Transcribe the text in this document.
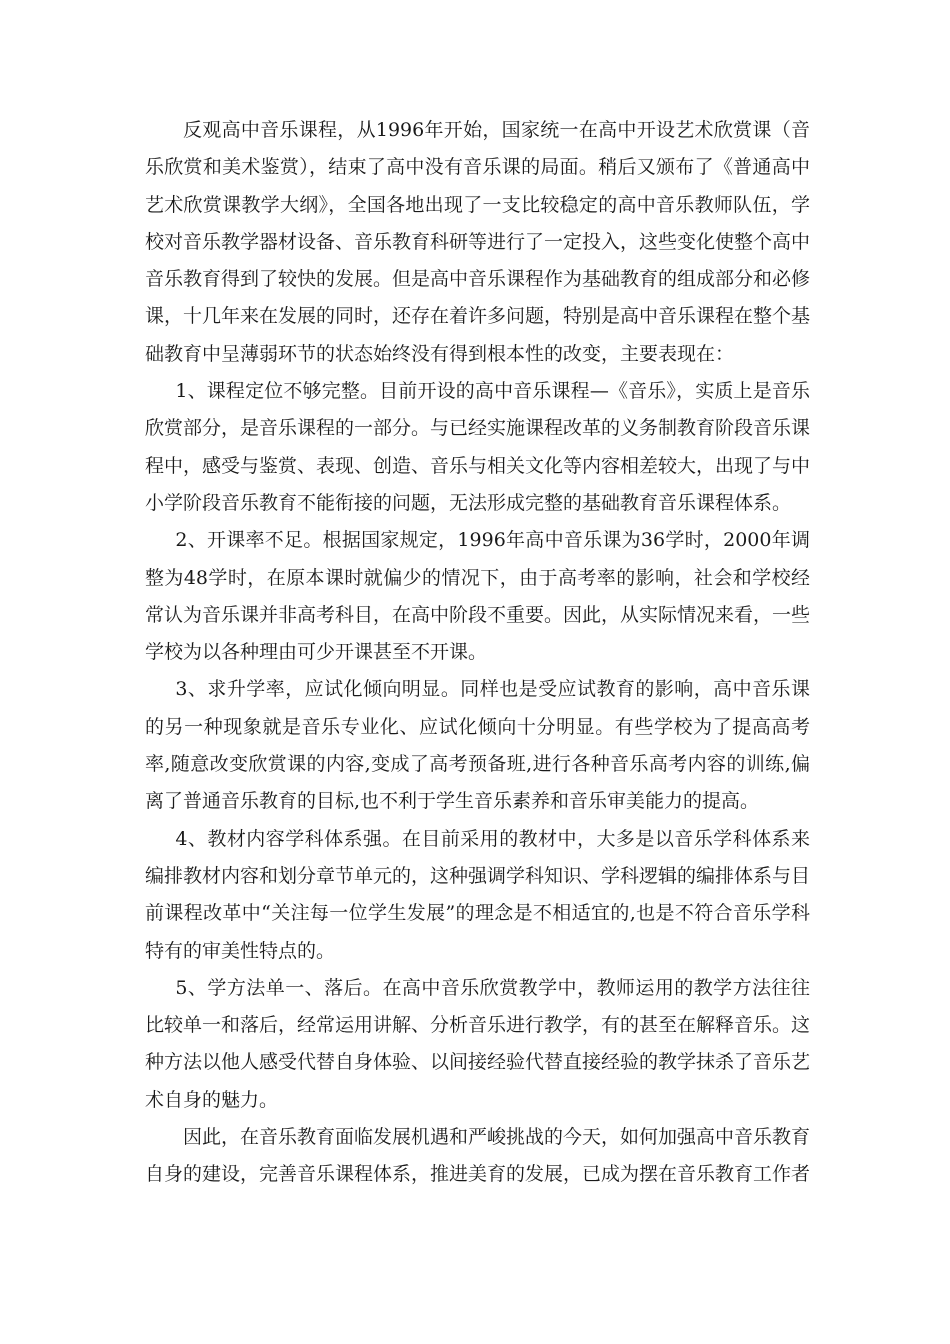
反观高中音乐课程，从1996年开始，国家统一在高中开设艺术欣赏课（音乐欣赏和美术鉴赏），结束了高中没有音乐课的局面。稍后又颁布了《普通高中艺术欣赏课教学大纲》，全国各地出现了一支比较稳定的高中音乐教师队伍，学校对音乐教学器材设备、音乐教育科研等进行了一定投入，这些变化使整个高中音乐教育得到了较快的发展。但是高中音乐课程作为基础教育的组成部分和必修课，十几年来在发展的同时，还存在着许多问题，特别是高中音乐课程在整个基础教育中呈薄弱环节的状态始终没有得到根本性的改变，主要表现在：

1、课程定位不够完整。目前开设的高中音乐课程—《音乐》，实质上是音乐欣赏部分，是音乐课程的一部分。与已经实施课程改革的义务制教育阶段音乐课程中，感受与鉴赏、表现、创造、音乐与相关文化等内容相差较大，出现了与中小学阶段音乐教育不能衔接的问题，无法形成完整的基础教育音乐课程体系。

2、开课率不足。根据国家规定，1996年高中音乐课为36学时，2000年调整为48学时，在原本课时就偏少的情况下，由于高考率的影响，社会和学校经常认为音乐课并非高考科目，在高中阶段不重要。因此，从实际情况来看，一些学校为以各种理由可少开课甚至不开课。

3、求升学率，应试化倾向明显。同样也是受应试教育的影响，高中音乐课的另一种现象就是音乐专业化、应试化倾向十分明显。有些学校为了提高高考率,随意改变欣赏课的内容,变成了高考预备班,进行各种音乐高考内容的训练,偏离了普通音乐教育的目标,也不利于学生音乐素养和音乐审美能力的提高。

4、教材内容学科体系强。在目前采用的教材中，大多是以音乐学科体系来编排教材内容和划分章节单元的，这种强调学科知识、学科逻辑的编排体系与目前课程改革中“关注每一位学生发展”的理念是不相适宜的,也是不符合音乐学科特有的审美性特点的。

5、学方法单一、落后。在高中音乐欣赏教学中，教师运用的教学方法往往比较单一和落后，经常运用讲解、分析音乐进行教学，有的甚至在解释音乐。这种方法以他人感受代替自身体验、以间接经验代替直接经验的教学抹杀了音乐艺术自身的魅力。

因此，在音乐教育面临发展机遇和严峻挑战的今天，如何加强高中音乐教育自身的建设，完善音乐课程体系，推进美育的发展，已成为摆在音乐教育工作者
